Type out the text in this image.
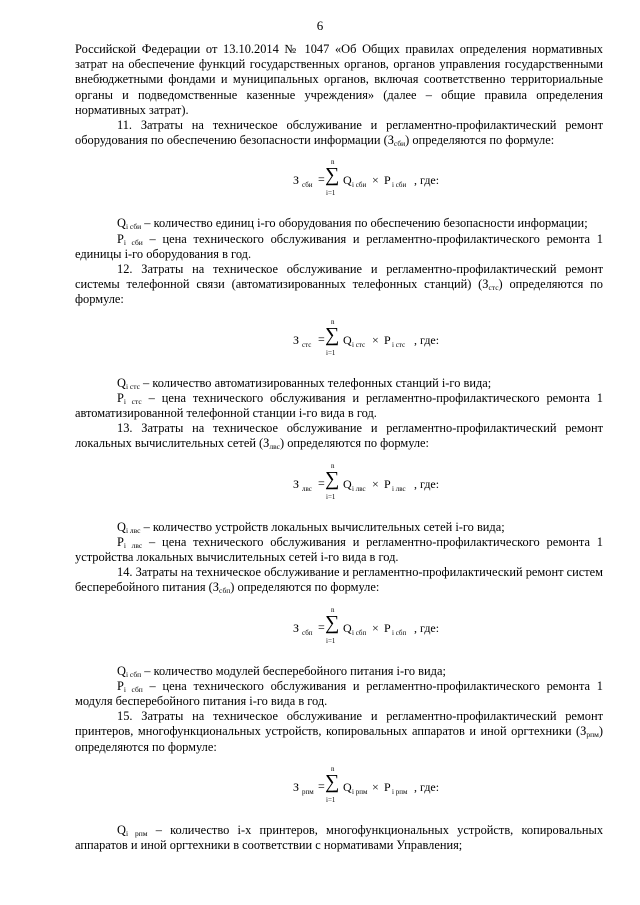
6

Российской Федерации от 13.10.2014 № 1047 «Об Общих правилах определения нормативных затрат на обеспечение функций государственных органов, органов управления государственными внебюджетными фондами и муниципальных органов, включая соответственно территориальные органы и подведомственные казенные учреждения» (далее – общие правила определения нормативных затрат).

11. Затраты на техническое обслуживание и регламентно-профилактический ремонт оборудования по обеспечению безопасности информации $(З_{сби})$ определяются по формуле:

З сби =
n
∑
i=1
Q i сби × P i сби , где:

$Q_{i сби}$ – количество единиц i-го оборудования по обеспечению безопасности информации;

$P_{i сби}$ – цена технического обслуживания и регламентно-профилактического ремонта 1 единицы i-го оборудования в год.

12. Затраты на техническое обслуживание и регламентно-профилактический ремонт системы телефонной связи (автоматизированных телефонных станций) $(З_{стс})$ определяются по формуле:

З стс =
n
∑
i=1
Q i стс × P i стс , где:

$Q_{i стс}$ – количество автоматизированных телефонных станций i-го вида;

$P_{i стс}$ – цена технического обслуживания и регламентно-профилактического ремонта 1 автоматизированной телефонной станции i-го вида в год.

13. Затраты на техническое обслуживание и регламентно-профилактический ремонт локальных вычислительных сетей $(З_{лвс})$ определяются по формуле:

З лвс =
n
∑
i=1
Q i лвс × P i лвс , где:

$Q_{i лвс}$ – количество устройств локальных вычислительных сетей i-го вида;

$P_{i лвс}$ – цена технического обслуживания и регламентно-профилактического ремонта 1 устройства локальных вычислительных сетей i-го вида в год.

14. Затраты на техническое обслуживание и регламентно-профилактический ремонт систем бесперебойного питания $(З_{сбп})$ определяются по формуле:

З сбп =
n
∑
i=1
Q i сбп × P i сбп , где:

$Q_{i сбп}$ – количество модулей бесперебойного питания i-го вида;

$P_{i сбп}$ – цена технического обслуживания и регламентно-профилактического ремонта 1 модуля бесперебойного питания i-го вида в год.

15. Затраты на техническое обслуживание и регламентно-профилактический ремонт принтеров, многофункциональных устройств, копировальных аппаратов и иной оргтехники $(З_{рпм})$ определяются по формуле:

З рпм =
n
∑
i=1
Q i рпм × P i рпм , где:

$Q_{i рпм}$ – количество i-х принтеров, многофункциональных устройств, копировальных аппаратов и иной оргтехники в соответствии с нормативами Управления;
